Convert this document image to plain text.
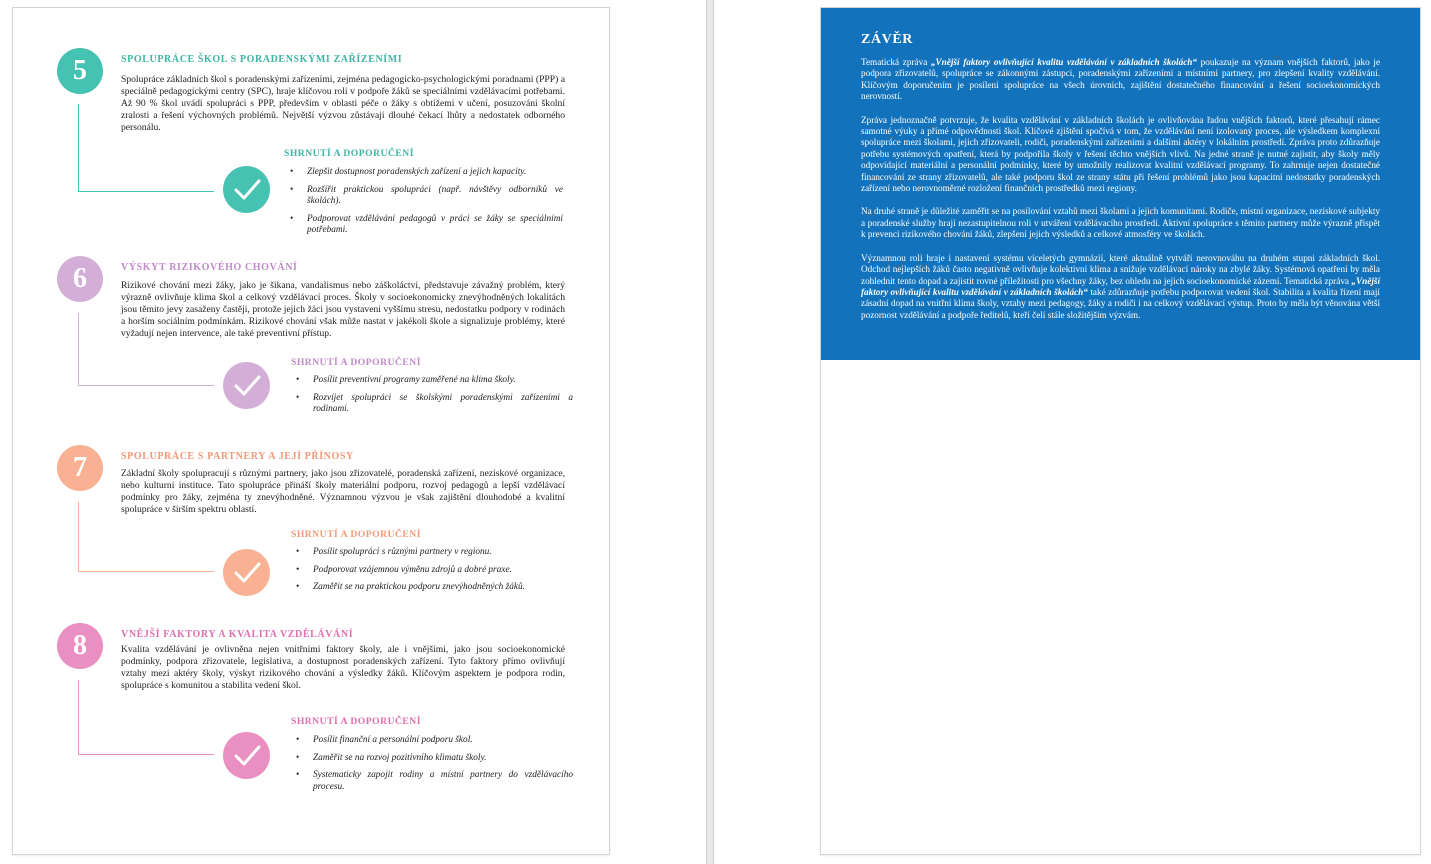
5	SPOLUPRÁCE ŠKOL S PORADENSKÝMI ZAŘÍZENÍMI
Spolupráce základních škol s poradenskými zařízeními, zejména pedagogicko-psychologickými poradnami (PPP) a speciálně pedagogickými centry (SPC), hraje klíčovou roli v podpoře žáků se speciálními vzdělávacími potřebami. Až 90 % škol uvádí spolupráci s PPP, především v oblasti péče o žáky s obtížemi v učení, posuzování školní zralosti a řešení výchovných problémů. Největší výzvou zůstávají dlouhé čekací lhůty a nedostatek odborného personálu.
SHRNUTÍ A DOPORUČENÍ
• Zlepšit dostupnost poradenských zařízení a jejich kapacity.
• Rozšířit praktickou spolupráci (např. návštěvy odborníků ve školách).
• Podporovat vzdělávání pedagogů v práci se žáky se speciálními potřebami.
6	VÝSKYT RIZIKOVÉHO CHOVÁNÍ
Rizikové chování mezi žáky, jako je šikana, vandalismus nebo záškoláctví, představuje závažný problém, který výrazně ovlivňuje klima škol a celkový vzdělávací proces. Školy v socioekonomicky znevýhodněných lokalitách jsou těmito jevy zasaženy častěji, protože jejich žáci jsou vystaveni vyššímu stresu, nedostatku podpory v rodinách a horším sociálním podmínkám. Rizikové chování však může nastat v jakékoli škole a signalizuje problémy, které vyžadují nejen intervence, ale také preventivní přístup.
SHRNUTÍ A DOPORUČENÍ
• Posílit preventivní programy zaměřené na klima školy.
• Rozvíjet spolupráci se školskými poradenskými zařízeními a rodinami.
7	SPOLUPRÁCE S PARTNERY A JEJÍ PŘÍNOSY
Základní školy spolupracují s různými partnery, jako jsou zřizovatelé, poradenská zařízení, neziskové organizace, nebo kulturní instituce. Tato spolupráce přináší školy materiální podporu, rozvoj pedagogů a lepší vzdělávací podmínky pro žáky, zejména ty znevýhodněné. Významnou výzvou je však zajištění dlouhodobé a kvalitní spolupráce v širším spektru oblastí.
SHRNUTÍ A DOPORUČENÍ
• Posílit spolupráci s různými partnery v regionu.
• Podporovat vzájemnou výměnu zdrojů a dobré praxe.
• Zaměřit se na praktickou podporu znevýhodněných žáků.
8	VNĚJŠÍ FAKTORY A KVALITA VZDĚLÁVÁNÍ
Kvalita vzdělávání je ovlivněna nejen vnitřními faktory školy, ale i vnějšími, jako jsou socioekonomické podmínky, podpora zřizovatele, legislativa, a dostupnost poradenských zařízení. Tyto faktory přímo ovlivňují vztahy mezi aktéry školy, výskyt rizikového chování a výsledky žáků. Klíčovým aspektem je podpora rodin, spolupráce s komunitou a stabilita vedení škol.
SHRNUTÍ A DOPORUČENÍ
• Posílit finanční a personální podporu škol.
• Zaměřit se na rozvoj pozitivního klimatu školy.
• Systematicky zapojit rodiny a místní partnery do vzdělávacího procesu.
ZÁVĚR

Tematická zpráva „Vnější faktory ovlivňující kvalitu vzdělávání v základních školách“ poukazuje na význam vnějších faktorů, jako je podpora zřizovatelů, spolupráce se zákonnými zástupci, poradenskými zařízeními a místními partnery, pro zlepšení kvality vzdělávání. Klíčovým doporučením je posílení spolupráce na všech úrovních, zajištění dostatečného financování a řešení socioekonomických nerovností.

Zpráva jednoznačně potvrzuje, že kvalita vzdělávání v základních školách je ovlivňována řadou vnějších faktorů, které přesahují rámec samotné výuky a přímé odpovědnosti škol. Klíčové zjištění spočívá v tom, že vzdělávání není izolovaný proces, ale výsledkem komplexní spolupráce mezi školami, jejich zřizovateli, rodiči, poradenskými zařízeními a dalšími aktéry v lokálním prostředí. Zpráva proto zdůrazňuje potřebu systémových opatření, která by podpořila školy v řešení těchto vnějších vlivů. Na jedné straně je nutné zajistit, aby školy měly odpovídající materiální a personální podmínky, které by umožnily realizovat kvalitní vzdělávací programy. To zahrnuje nejen dostatečné financování ze strany zřizovatelů, ale také podporu škol ze strany státu při řešení problémů jako jsou kapacitní nedostatky poradenských zařízení nebo nerovnoměrné rozložení finančních prostředků mezi regiony.

Na druhé straně je důležité zaměřit se na posilování vztahů mezi školami a jejich komunitami. Rodiče, místní organizace, neziskové subjekty a poradenské služby hrají nezastupitelnou roli v utváření vzdělávacího prostředí. Aktivní spolupráce s těmito partnery může výrazně přispět k prevenci rizikového chování žáků, zlepšení jejich výsledků a celkové atmosféry ve školách.

Významnou roli hraje i nastavení systému víceletých gymnázií, které aktuálně vytváří nerovnováhu na druhém stupni základních škol. Odchod nejlepších žáků často negativně ovlivňuje kolektivní klima a snižuje vzdělávací nároky na zbylé žáky. Systémová opatření by měla zohlednit tento dopad a zajistit rovné příležitosti pro všechny žáky, bez ohledu na jejich socioekonomické zázemí. Tematická zpráva „Vnější faktory ovlivňující kvalitu vzdělávání v základních školách“ také zdůrazňuje potřebu podporovat vedení škol. Stabilita a kvalita řízení mají zásadní dopad na vnitřní klima školy, vztahy mezi pedagogy, žáky a rodiči i na celkový vzdělávací výstup. Proto by měla být věnována větší pozornost vzdělávání a podpoře ředitelů, kteří čelí stále složitějším výzvám.
